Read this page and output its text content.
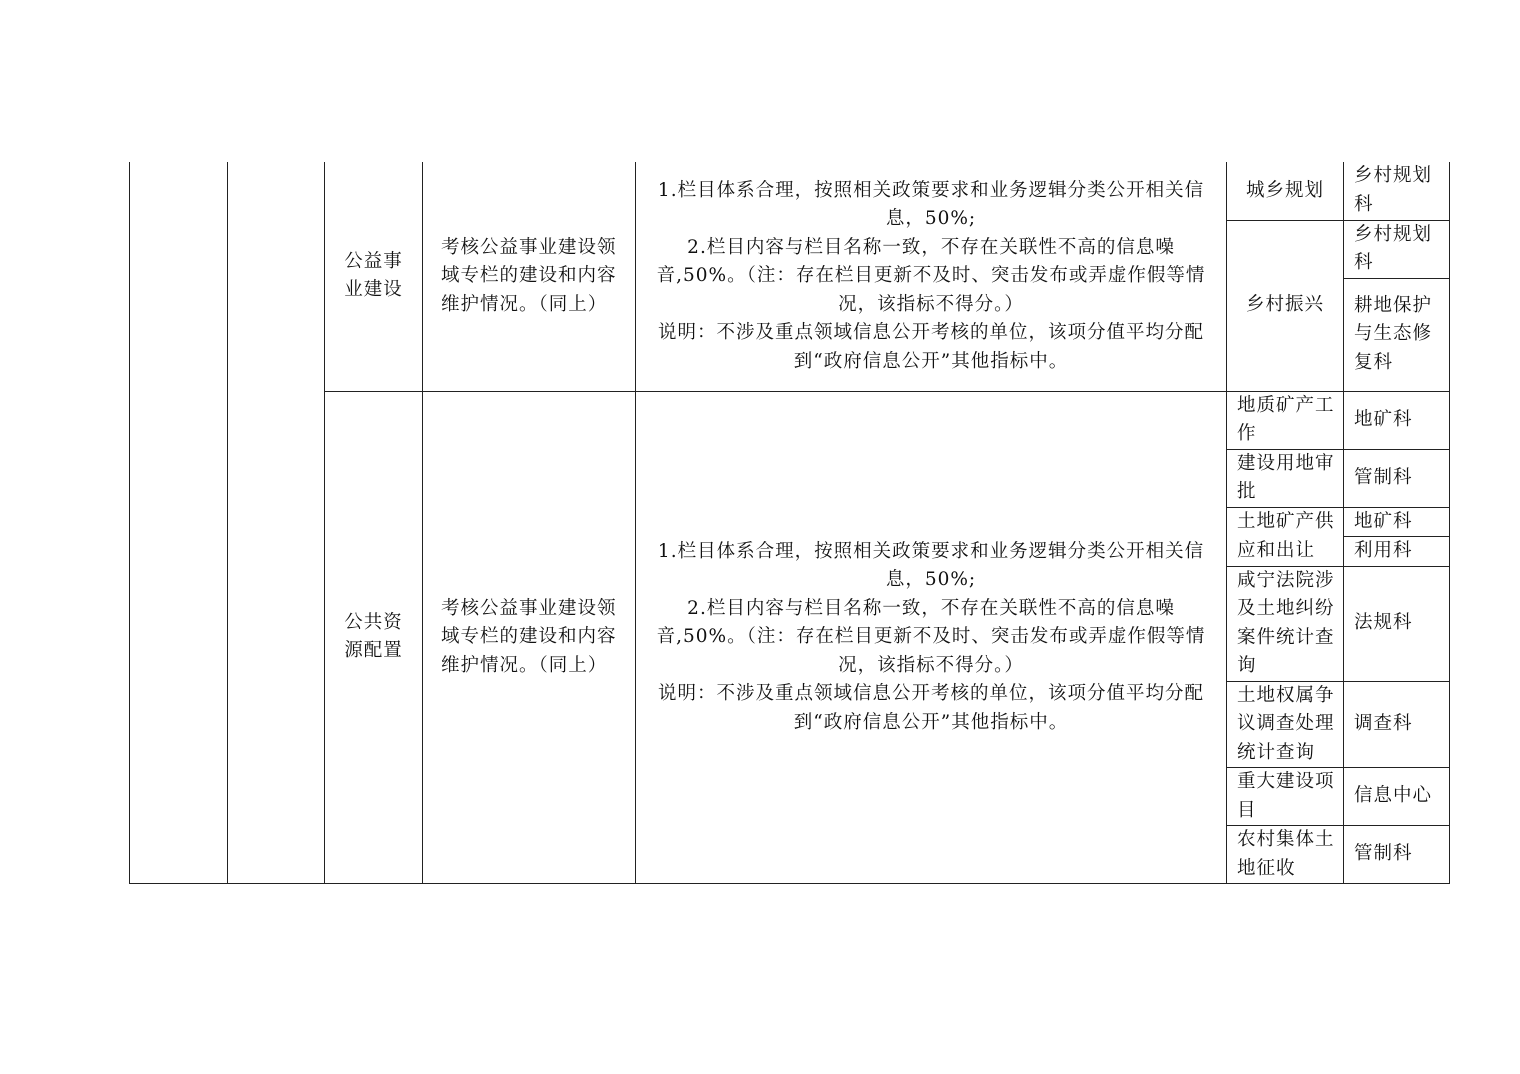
		公益事业建设	考核公益事业建设领域专栏的建设和内容维护情况。（同上）	1.栏目体系合理，按照相关政策要求和业务逻辑分类公开相关信息，50%;
2.栏目内容与栏目名称一致，不存在关联性不高的信息噪音,50%。（注：存在栏目更新不及时、突击发布或弄虚作假等情况，该指标不得分。）
说明：不涉及重点领域信息公开考核的单位，该项分值平均分配到“政府信息公开”其他指标中。	城乡规划	乡村规划科
					乡村振兴	乡村规划科
						耕地保护与生态修复科
		公共资源配置	考核公益事业建设领域专栏的建设和内容维护情况。（同上）	1.栏目体系合理，按照相关政策要求和业务逻辑分类公开相关信息，50%;
2.栏目内容与栏目名称一致，不存在关联性不高的信息噪音,50%。（注：存在栏目更新不及时、突击发布或弄虚作假等情况，该指标不得分。）
说明：不涉及重点领域信息公开考核的单位，该项分值平均分配到“政府信息公开”其他指标中。	地质矿产工作	地矿科
					建设用地审批	管制科
					土地矿产供应和出让	地矿科
						利用科
					咸宁法院涉及土地纠纷案件统计查询	法规科
					土地权属争议调查处理统计查询	调查科
					重大建设项目	信息中心
					农村集体土地征收	管制科
